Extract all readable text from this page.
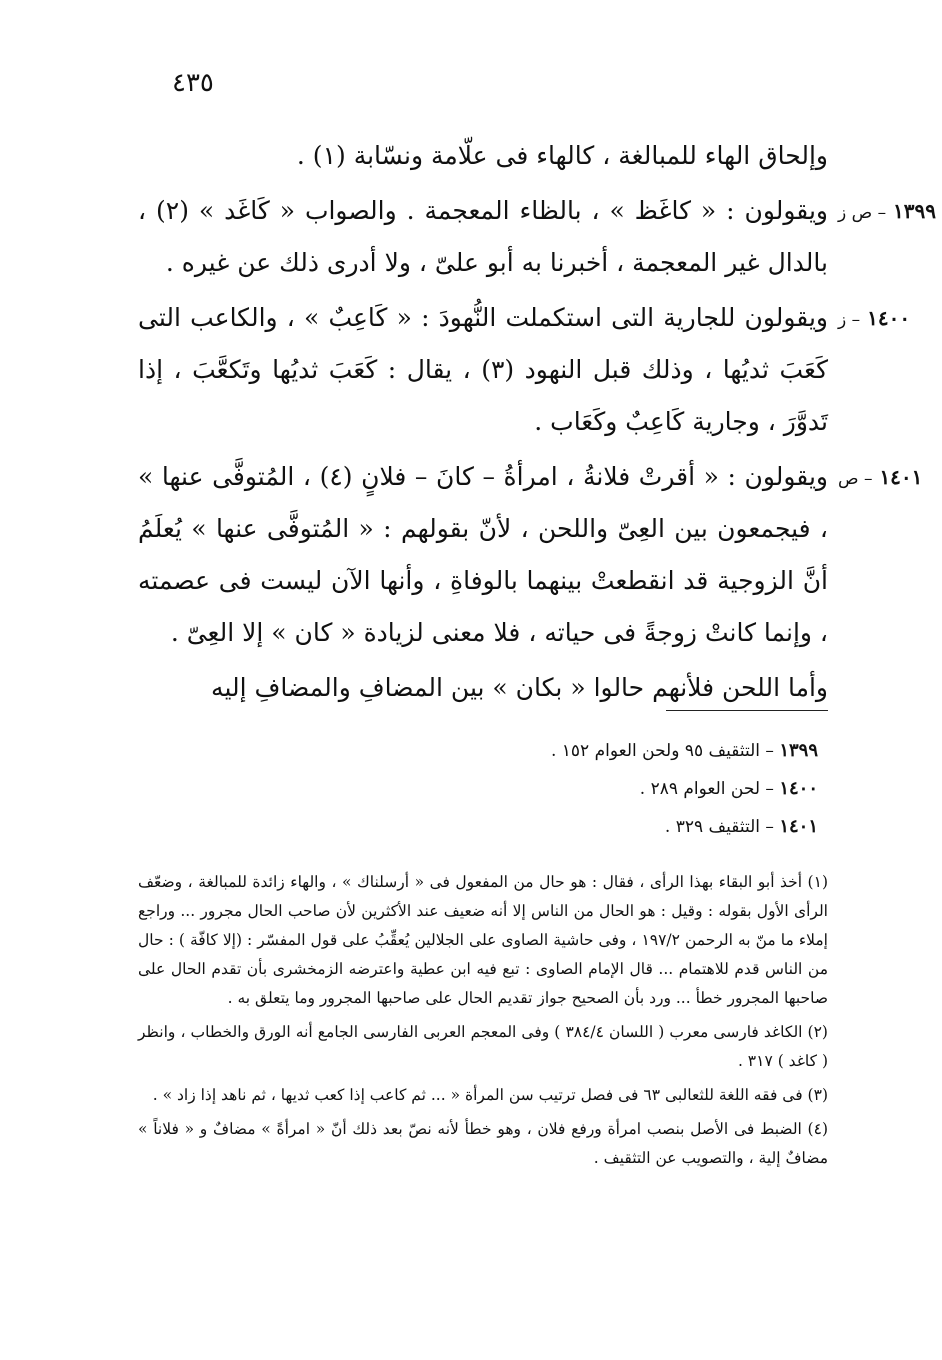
٤٣٥

وإلحاق الهاء للمبالغة ، كالهاء فى علّامة ونسّابة (١) .

١٣٩٩ – ص ز
ويقولون : « كاغَظ » ، بالظاء المعجمة . والصواب « كَاغَد » (٢) ، بالدال غير المعجمة ، أخبرنا به أبو علىّ ، ولا أدرى ذلك عن غيره .

١٤٠٠ – ز
ويقولون للجارية التى استكملت النُّهودَ : « كَاعِبٌ » ، والكاعب التى كَعَبَ ثديُها ، وذلك قبل النهود (٣) ، يقال : كَعَبَ ثديُها وتَكعَّبَ ، إذا تَدوَّرَ ، وجارية كَاعِبٌ وكَعَاب .

١٤٠١ – ص
ويقولون : « أقرتْ فلانةُ ، امرأةُ – كانَ – فلانٍ (٤) ، المُتوفَّى عنها » ، فيجمعون بين العِىّ واللحن ، لأنّ بقولهم : « المُتوفَّى عنها » يُعلَمُ أنَّ الزوجية قد انقطعتْ بينهما بالوفاةِ ، وأنها الآن ليست فى عصمته ، وإنما كانتْ زوجةً فى حياته ، فلا معنى لزيادة « كان » إلا العِىّ .

وأما اللحن فلأنهم حالوا « بكان » بين المضافِ والمضافِ إليه

١٣٩٩ – التثقيف ٩٥ ولحن العوام ١٥٢ .
١٤٠٠ – لحن العوام ٢٨٩ .
١٤٠١ – التثقيف ٣٢٩ .

(١) أخذ أبو البقاء بهذا الرأى ، فقال : هو حال من المفعول فى « أرسلناك » ، والهاء زائدة للمبالغة ، وضعّف الرأى الأول بقوله : وقيل : هو الحال من الناس إلا أنه ضعيف عند الأكثرين لأن صاحب الحال مجرور ... وراجع إملاء ما منّ به الرحمن ١٩٧/٢ ، وفى حاشية الصاوى على الجلالين يُعقِّبُ على قول المفسّر : (إلا كافّة ) : حال من الناس قدم للاهتمام ... قال الإمام الصاوى : تبع فيه ابن عطية واعترضه الزمخشرى بأن تقدم الحال على صاحبها المجرور خطأ ... ورد بأن الصحيح جواز تقديم الحال على صاحبها المجرور وما يتعلق به .

(٢) الكاغد فارسى معرب ( اللسان ٣٨٤/٤ ) وفى المعجم العربى الفارسى الجامع أنه الورق والخطاب ، وانظر ( كاغد ) ٣١٧ .

(٣) فى فقه اللغة للثعالبى ٦٣ فى فصل ترتيب سن المرأة « ... ثم كاعب إذا كعب ثديها ، ثم ناهد إذا زاد » .

(٤) الضبط فى الأصل بنصب امرأة ورفع فلان ، وهو خطأ لأنه نصّ بعد ذلك أنّ « امرأةً » مضافٌ و « فلاناً » مضافٌ إلية ، والتصويب عن التثقيف .
